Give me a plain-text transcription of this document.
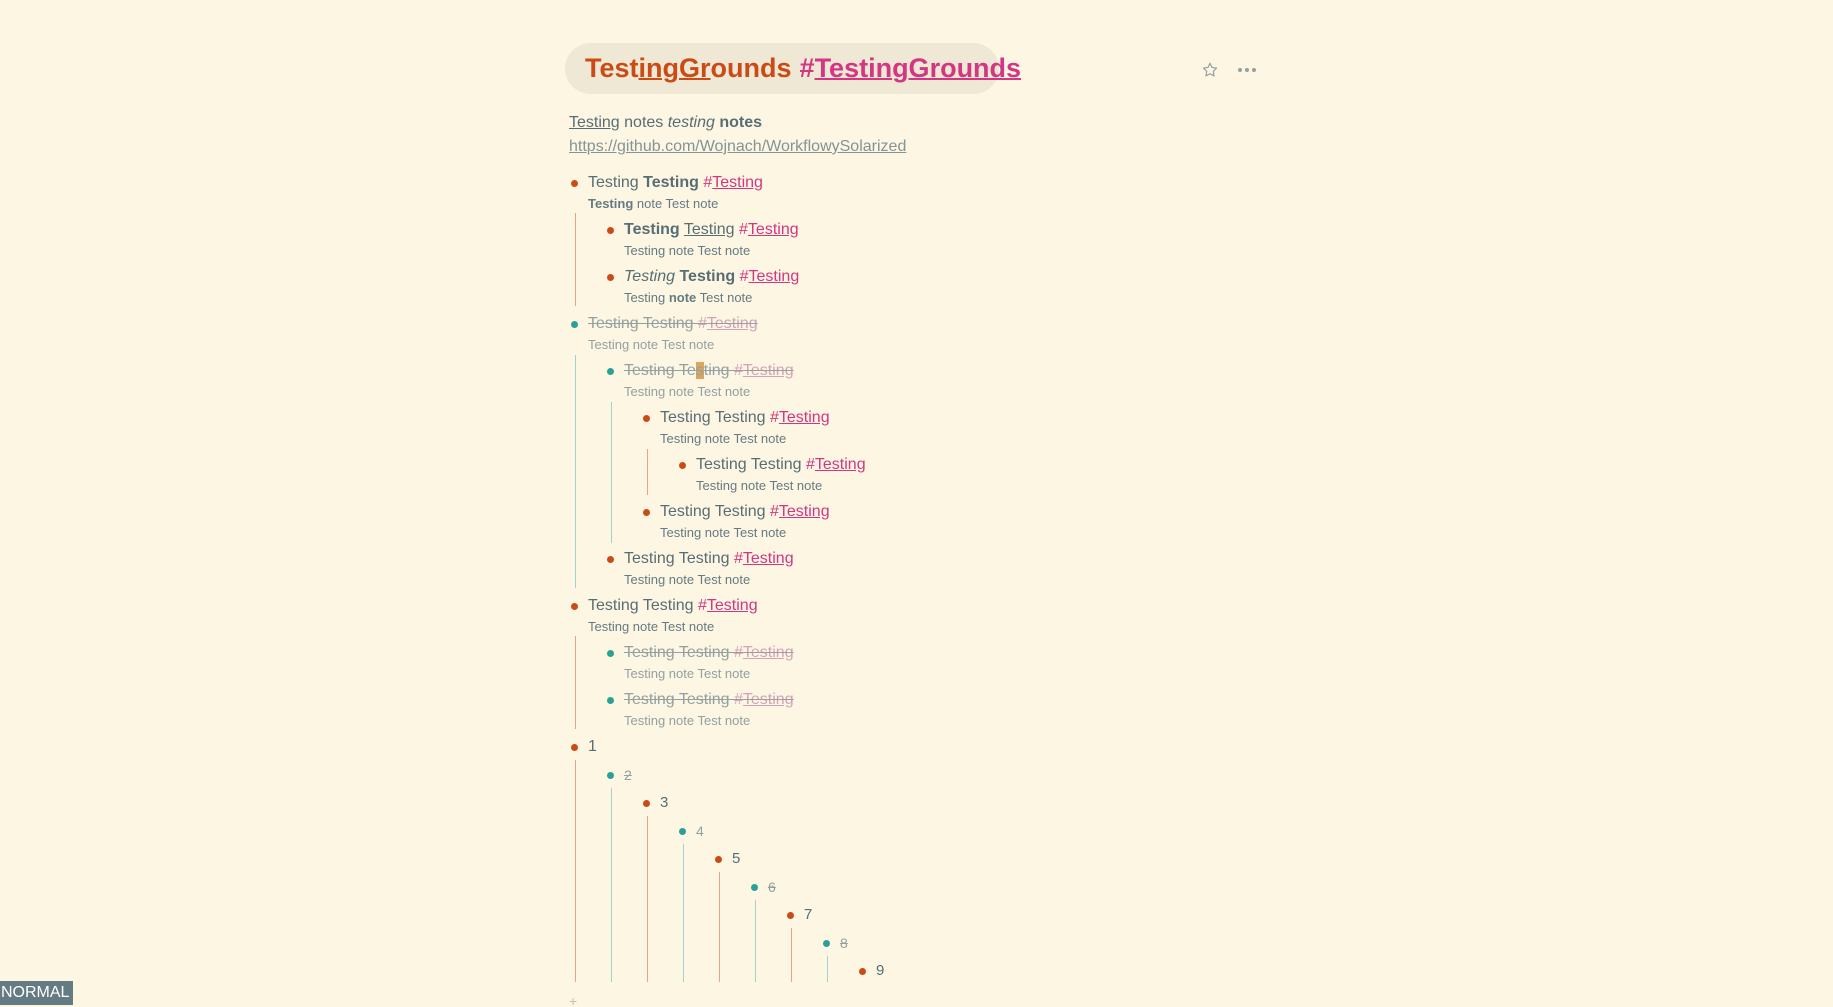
Test ing Gr ounds #TestingGrounds
Testing notes testing notes
https://github.com/Wojnach/WorkflowySolarized
Testing Testing #Testing
Testing note Test note
Testing Testing #Testing
Testing note Test note
Testing Testing #Testing
Testing note Test note
Testing Testing #Testing
Testing note Test note
Testing Testing #Testing
Testing note Test note
Testing Testing #Testing
Testing note Test note
Testing Testing #Testing
Testing note Test note
Testing Testing #Testing
Testing note Test note
Testing Testing #Testing
Testing note Test note
Testing Testing #Testing
Testing note Test note
Testing Testing #Testing
Testing note Test note
Testing Testing #Testing
Testing note Test note
1
2
3
4
5
6
7
8
9
+
NORMAL
